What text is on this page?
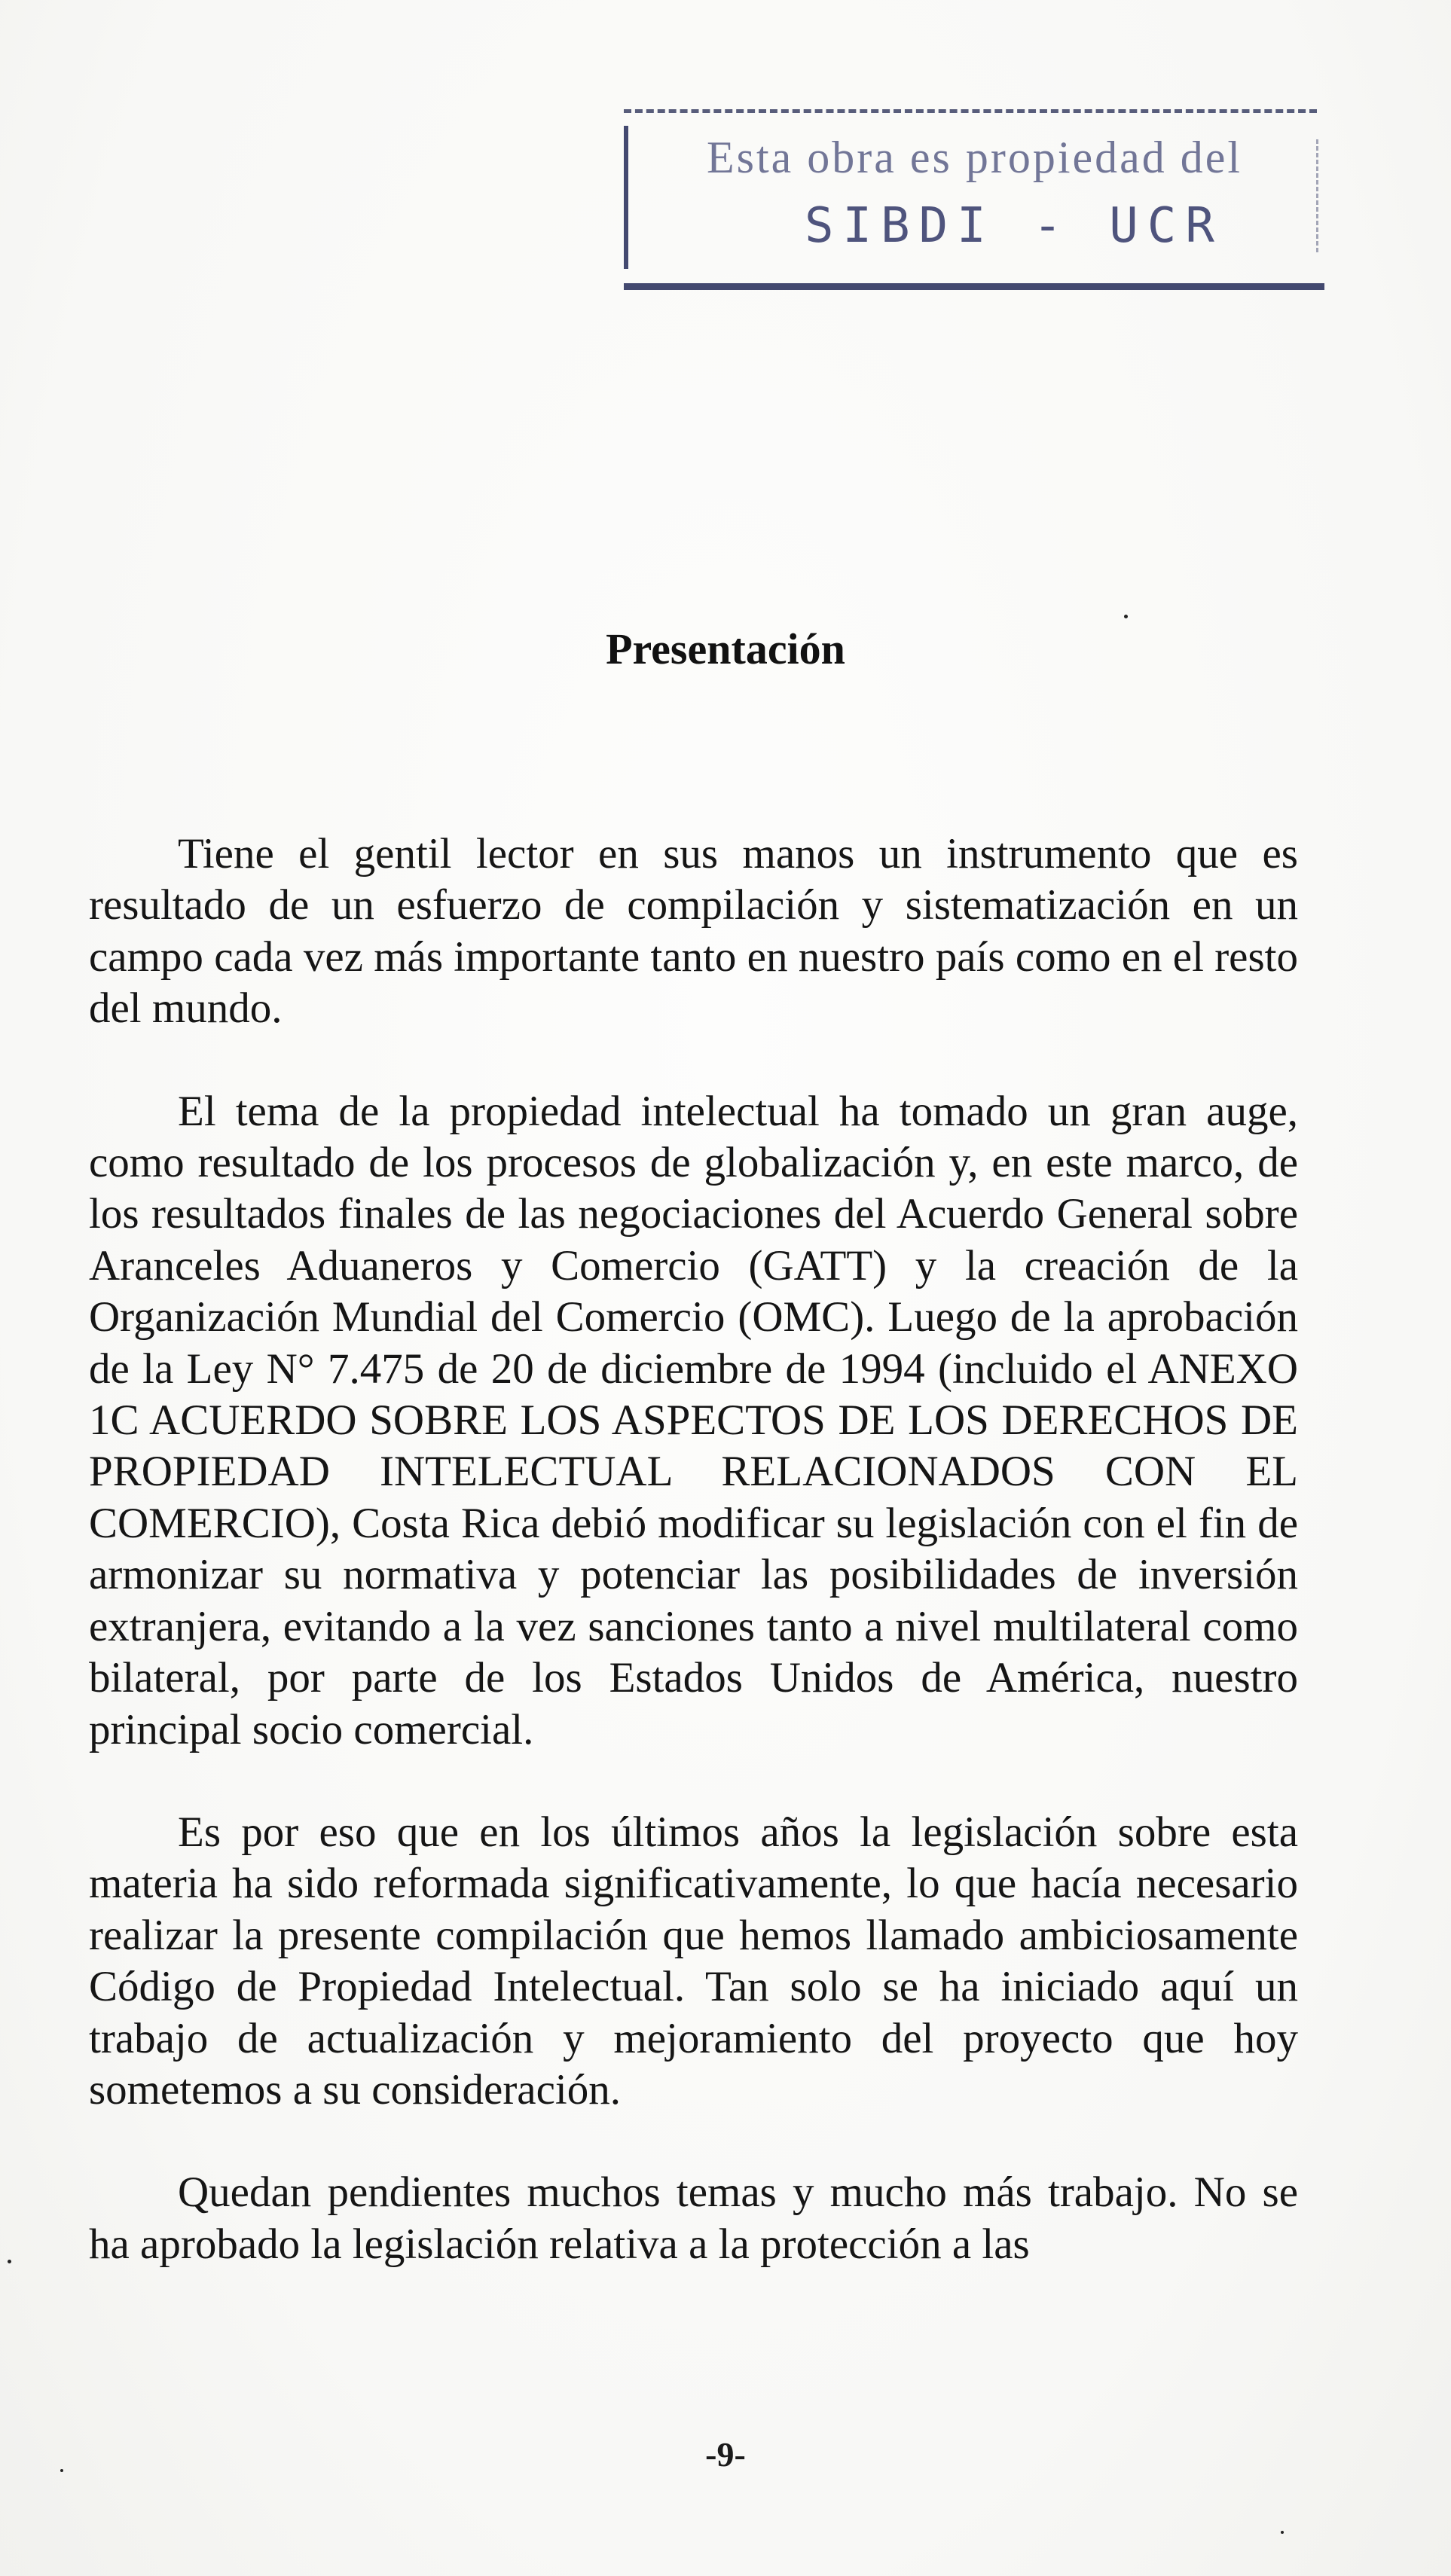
Esta obra es propiedad del
SIBDI - UCR
Presentación

Tiene el gentil lector en sus manos un instrumento que es resultado de un esfuerzo de compilación y sistematización en un campo cada vez más importante tanto en nuestro país como en el resto del mundo.

El tema de la propiedad intelectual ha tomado un gran auge, como resultado de los procesos de globalización y, en este marco, de los resultados finales de las negociaciones del Acuerdo General sobre Aranceles Aduaneros y Comercio (GATT) y la creación de la Organización Mundial del Comercio (OMC). Luego de la aprobación de la Ley N° 7.475 de 20 de diciembre de 1994 (incluido el ANEXO 1C ACUERDO SOBRE LOS ASPECTOS DE LOS DERECHOS DE PROPIEDAD INTELECTUAL RELACIONADOS CON EL COMERCIO), Costa Rica debió modificar su legislación con el fin de armonizar su normativa y potenciar las posibilidades de inversión extranjera, evitando a la vez sanciones tanto a nivel multilateral como bilateral, por parte de los Estados Unidos de América, nuestro principal socio comercial.

Es por eso que en los últimos años la legislación sobre esta materia ha sido reformada significativamente, lo que hacía necesario realizar la presente compilación que hemos llamado ambiciosamente Código de Propiedad Intelectual. Tan solo se ha iniciado aquí un trabajo de actualización y mejoramiento del proyecto que hoy sometemos a su consideración.

Quedan pendientes muchos temas y mucho más trabajo. No se ha aprobado la legislación relativa a la protección a las

-9-
